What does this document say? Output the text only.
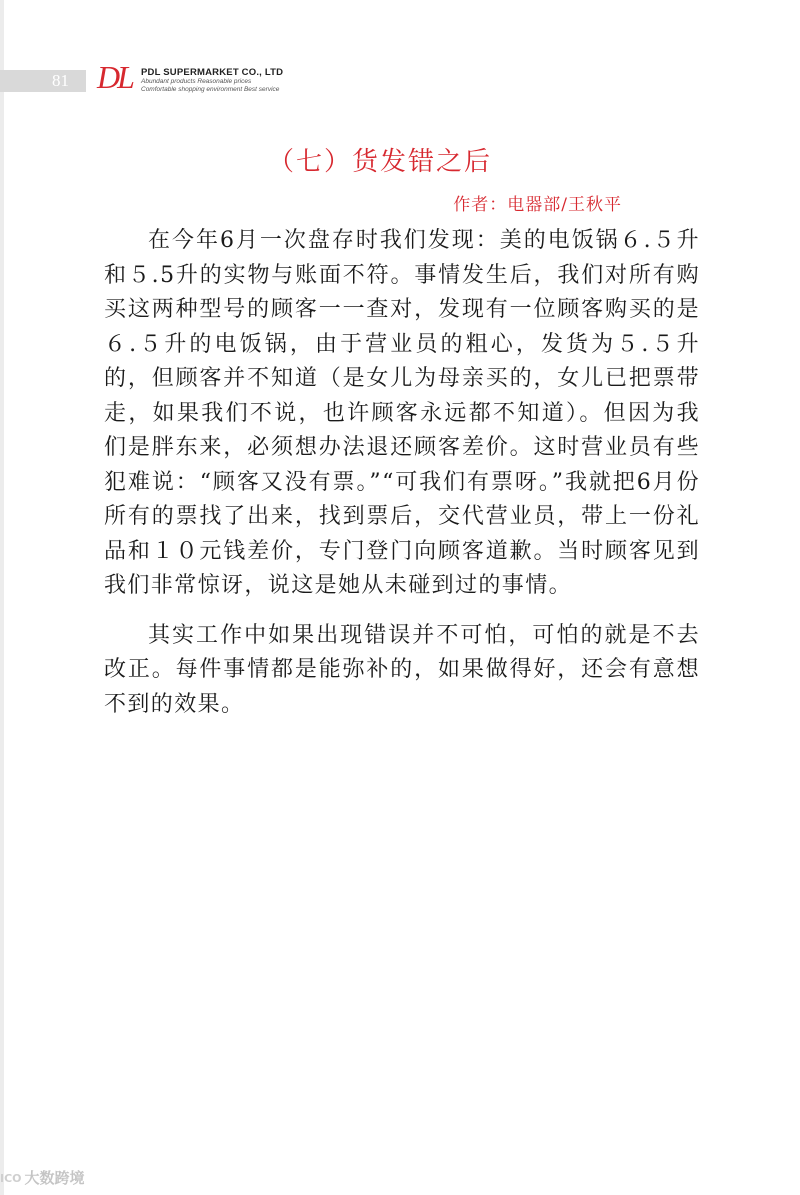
81 DL PDL SUPERMARKET CO., LTD
Abundant products Reasonable prices
Comfortable shopping environment Best service
（七）货发错之后
作者：电器部/王秋平

在今年6月一次盘存时我们发现：美的电饭锅６.５升和５.5升的实物与账面不符。事情发生后，我们对所有购买这两种型号的顾客一一查对，发现有一位顾客购买的是６.５升的电饭锅，由于营业员的粗心，发货为５.５升的，但顾客并不知道（是女儿为母亲买的，女儿已把票带走，如果我们不说，也许顾客永远都不知道）。但因为我们是胖东来，必须想办法退还顾客差价。这时营业员有些犯难说：“顾客又没有票。”“可我们有票呀。”我就把6月份所有的票找了出来，找到票后，交代营业员，带上一份礼品和１０元钱差价，专门登门向顾客道歉。当时顾客见到我们非常惊讶，说这是她从未碰到过的事情。

其实工作中如果出现错误并不可怕，可怕的就是不去改正。每件事情都是能弥补的，如果做得好，还会有意想不到的效果。

ICO 大数跨境
